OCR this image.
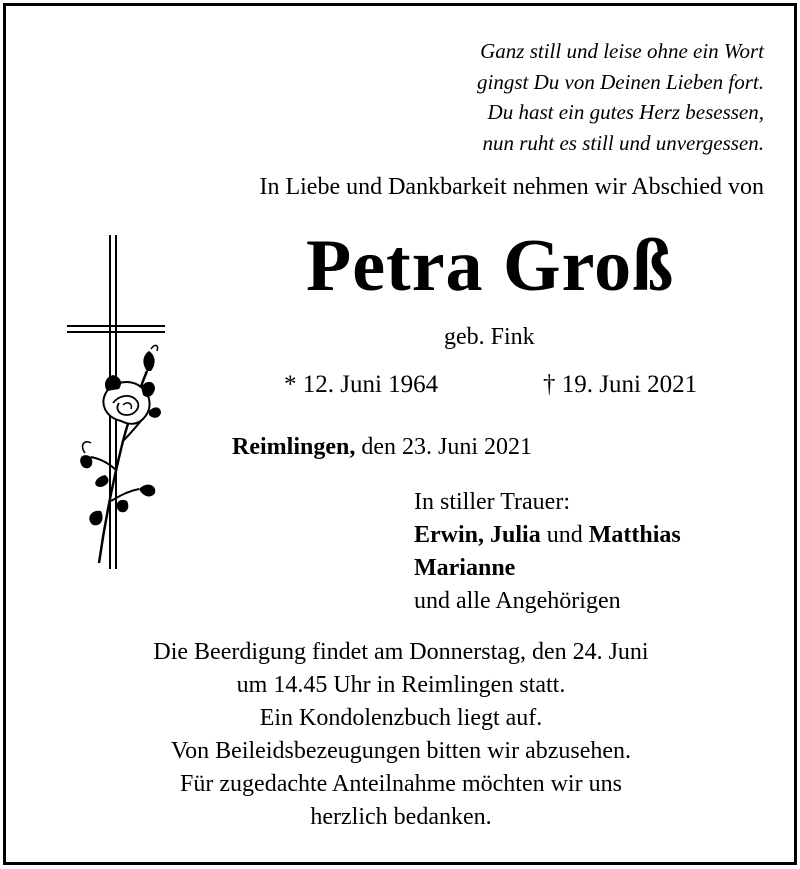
Ganz still und leise ohne ein Wort
gingst Du von Deinen Lieben fort.
Du hast ein gutes Herz besessen,
nun ruht es still und unvergessen.
In Liebe und Dankbarkeit nehmen wir Abschied von
Petra Groß
geb. Fink
* 12. Juni 1964	† 19. Juni 2021
Reimlingen, den 23. Juni 2021
In stiller Trauer:
Erwin, Julia und Matthias
Marianne
und alle Angehörigen
Die Beerdigung findet am Donnerstag, den 24. Juni
um 14.45 Uhr in Reimlingen statt.
Ein Kondolenzbuch liegt auf.
Von Beileidsbezeugungen bitten wir abzusehen.
Für zugedachte Anteilnahme möchten wir uns
herzlich bedanken.
